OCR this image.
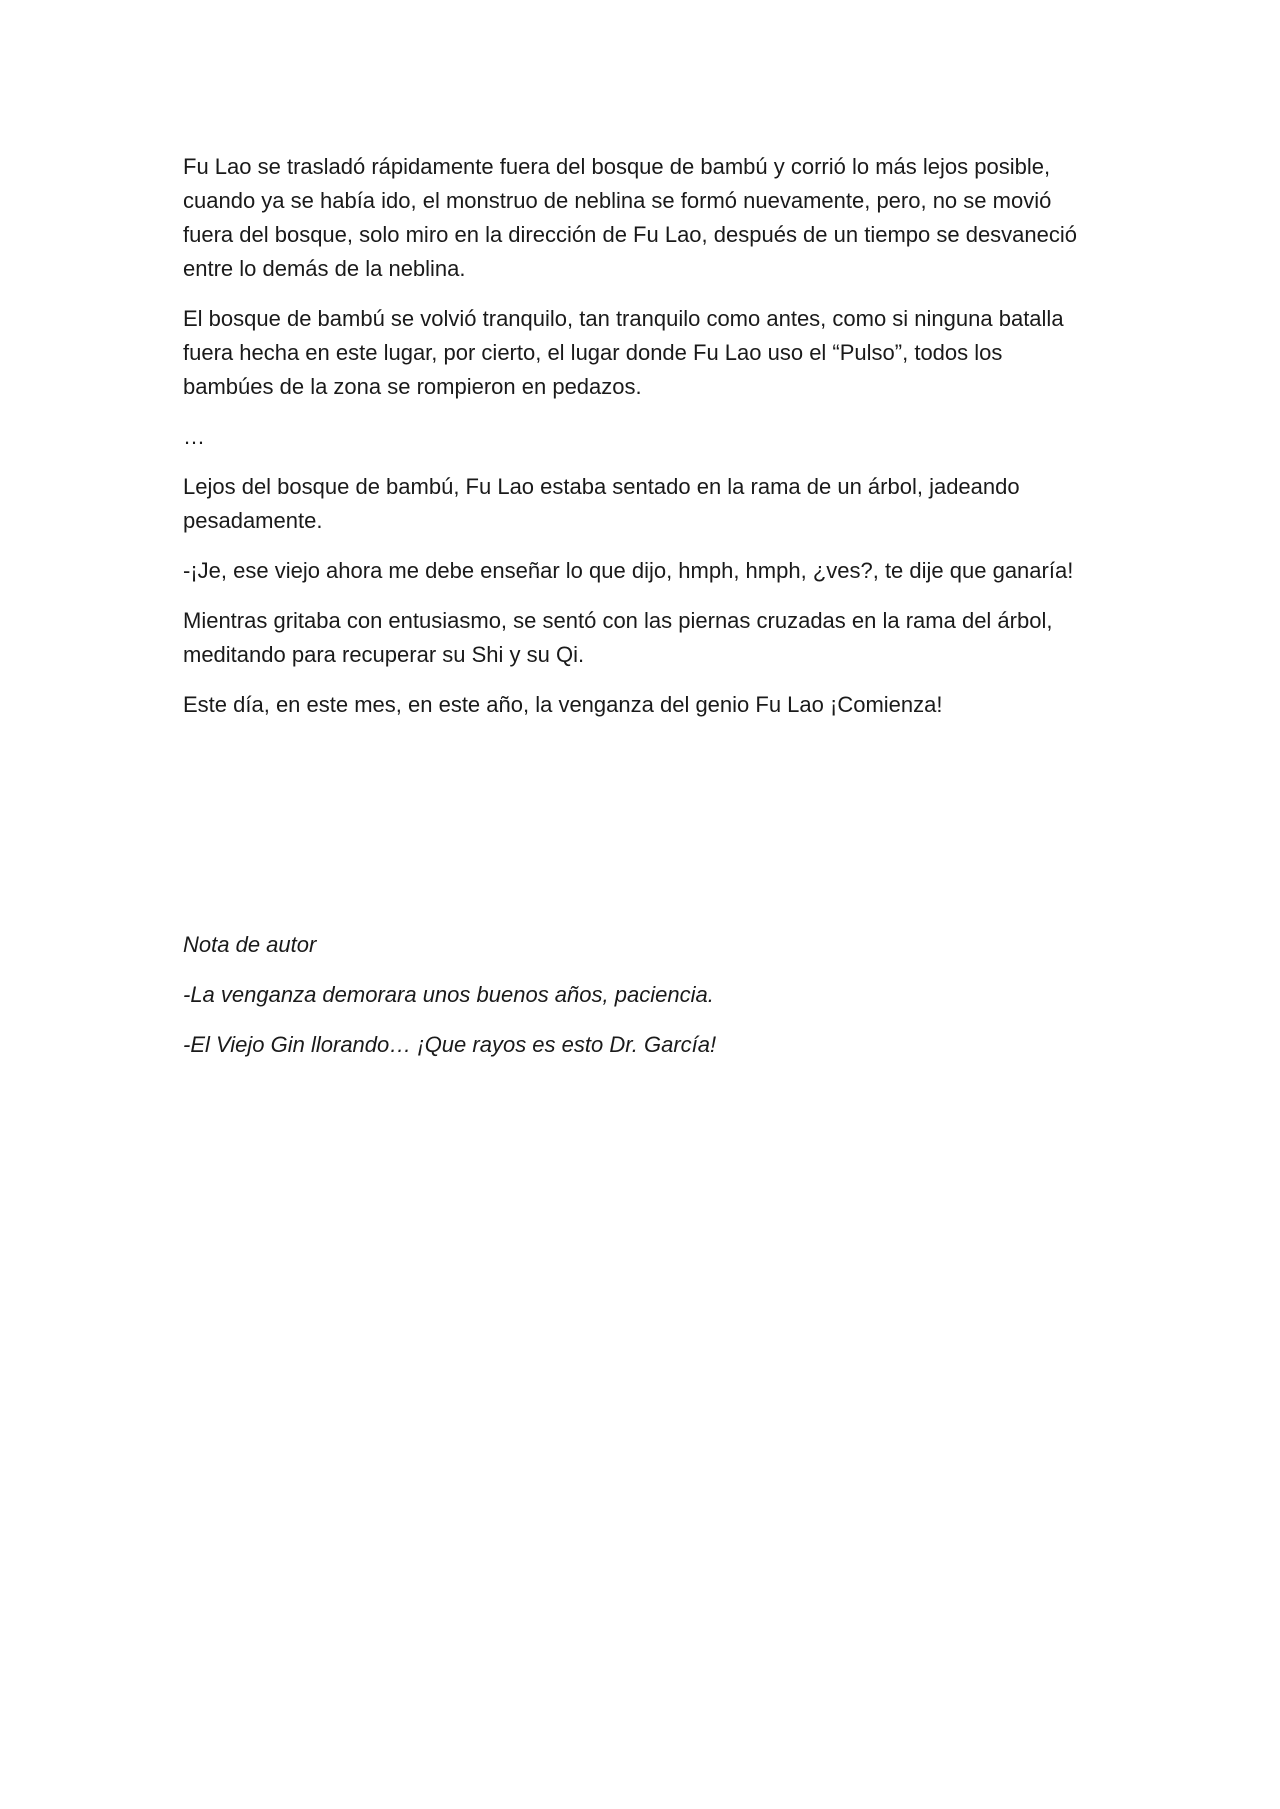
Fu Lao se trasladó rápidamente fuera del bosque de bambú y corrió lo más lejos posible, cuando ya se había ido, el monstruo de neblina se formó nuevamente, pero, no se movió fuera del bosque, solo miro en la dirección de Fu Lao, después de un tiempo se desvaneció entre lo demás de la neblina.

El bosque de bambú se volvió tranquilo, tan tranquilo como antes, como si ninguna batalla fuera hecha en este lugar, por cierto, el lugar donde Fu Lao uso el “Pulso”, todos los bambúes de la zona se rompieron en pedazos.

…

Lejos del bosque de bambú, Fu Lao estaba sentado en la rama de un árbol, jadeando pesadamente.

-¡Je, ese viejo ahora me debe enseñar lo que dijo, hmph, hmph, ¿ves?, te dije que ganaría!

Mientras gritaba con entusiasmo, se sentó con las piernas cruzadas en la rama del árbol, meditando para recuperar su Shi y su Qi.

Este día, en este mes, en este año, la venganza del genio Fu Lao ¡Comienza!

Nota de autor

-La venganza demorara unos buenos años, paciencia.

-El Viejo Gin llorando… ¡Que rayos es esto Dr. García!
